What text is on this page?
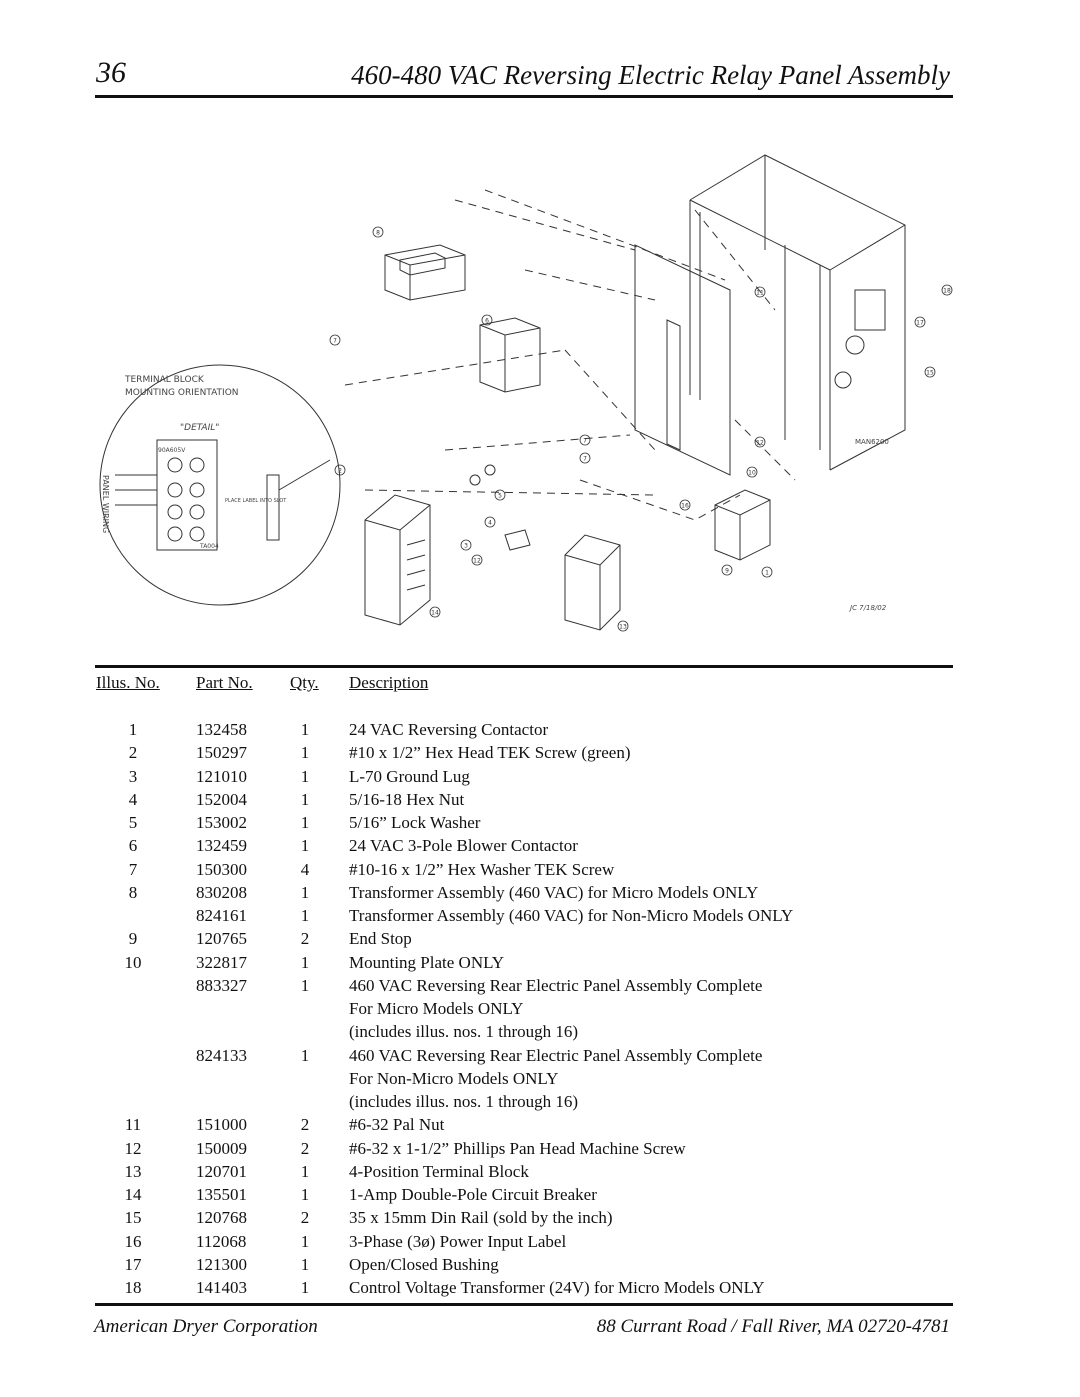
36	460-480 VAC Reversing Electric Relay Panel Assembly
TERMINAL BLOCK
MOUNTING ORIENTATION
"DETAIL"
PANEL WIRING
90A605V
TA004
PLACE LABEL INTO SLOT
MAN6200
JC 7/18/02
8
7
6
11
10
7
12
5
4
3
2
16
9
13
14
1
15
17
18
7
12
Illus. No. Part No. Qty. Description
1	132458	1 24 VAC Reversing Contactor
2	150297	1 #10 x 1/2” Hex Head TEK Screw (green)
3	121010	1 L-70 Ground Lug
4	152004	1 5/16-18 Hex Nut
5	153002	1 5/16” Lock Washer
6	132459	1 24 VAC 3-Pole Blower Contactor
7	150300	4 #10-16 x 1/2” Hex Washer TEK Screw
8	830208	1 Transformer Assembly (460 VAC) for Micro Models ONLY
824161	1 Transformer Assembly (460 VAC) for Non-Micro Models ONLY
9	120765	2 End Stop
10	322817	1 Mounting Plate ONLY
883327	1 460 VAC Reversing Rear Electric Panel Assembly Complete
For Micro Models ONLY
(includes illus. nos. 1 through 16)
824133	1 460 VAC Reversing Rear Electric Panel Assembly Complete
For Non-Micro Models ONLY
(includes illus. nos. 1 through 16)
11	151000	2 #6-32 Pal Nut
12	150009	2 #6-32 x 1-1/2” Phillips Pan Head Machine Screw
13	120701	1 4-Position Terminal Block
14	135501	1 1-Amp Double-Pole Circuit Breaker
15	120768	2 35 x 15mm Din Rail (sold by the inch)
16	112068	1 3-Phase (3ø) Power Input Label
17	121300	1 Open/Closed Bushing
18	141403	1 Control Voltage Transformer (24V) for Micro Models ONLY
American Dryer Corporation	88 Currant Road / Fall River, MA 02720-4781
